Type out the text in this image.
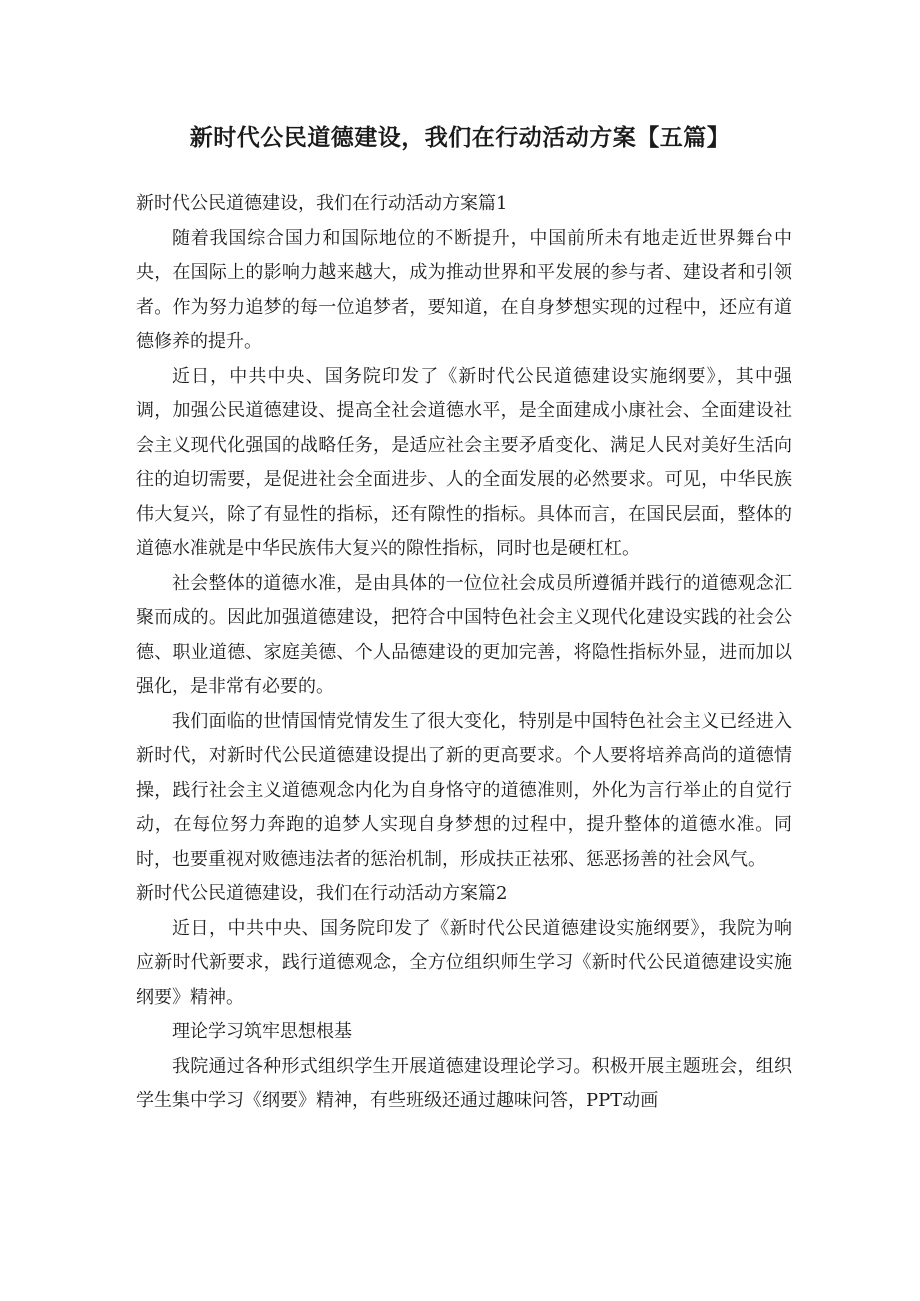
新时代公民道德建设，我们在行动活动方案【五篇】

新时代公民道德建设，我们在行动活动方案篇1

随着我国综合国力和国际地位的不断提升，中国前所未有地走近世界舞台中央，在国际上的影响力越来越大，成为推动世界和平发展的参与者、建设者和引领者。作为努力追梦的每一位追梦者，要知道，在自身梦想实现的过程中，还应有道德修养的提升。

近日，中共中央、国务院印发了《新时代公民道德建设实施纲要》，其中强调，加强公民道德建设、提高全社会道德水平，是全面建成小康社会、全面建设社会主义现代化强国的战略任务，是适应社会主要矛盾变化、满足人民对美好生活向往的迫切需要，是促进社会全面进步、人的全面发展的必然要求。可见，中华民族伟大复兴，除了有显性的指标，还有隙性的指标。具体而言，在国民层面，整体的道德水准就是中华民族伟大复兴的隙性指标，同时也是硬杠杠。

社会整体的道德水准，是由具体的一位位社会成员所遵循并践行的道德观念汇聚而成的。因此加强道德建设，把符合中国特色社会主义现代化建设实践的社会公德、职业道德、家庭美德、个人品德建设的更加完善，将隐性指标外显，进而加以强化，是非常有必要的。

我们面临的世情国情党情发生了很大变化，特别是中国特色社会主义已经进入新时代，对新时代公民道德建设提出了新的更高要求。个人要将培养高尚的道德情操，践行社会主义道德观念内化为自身恪守的道德准则，外化为言行举止的自觉行动，在每位努力奔跑的追梦人实现自身梦想的过程中，提升整体的道德水准。同时，也要重视对败德违法者的惩治机制，形成扶正祛邪、惩恶扬善的社会风气。

新时代公民道德建设，我们在行动活动方案篇2

近日，中共中央、国务院印发了《新时代公民道德建设实施纲要》，我院为响应新时代新要求，践行道德观念，全方位组织师生学习《新时代公民道德建设实施纲要》精神。

理论学习筑牢思想根基

我院通过各种形式组织学生开展道德建设理论学习。积极开展主题班会，组织学生集中学习《纲要》精神，有些班级还通过趣味问答，PPT动画
